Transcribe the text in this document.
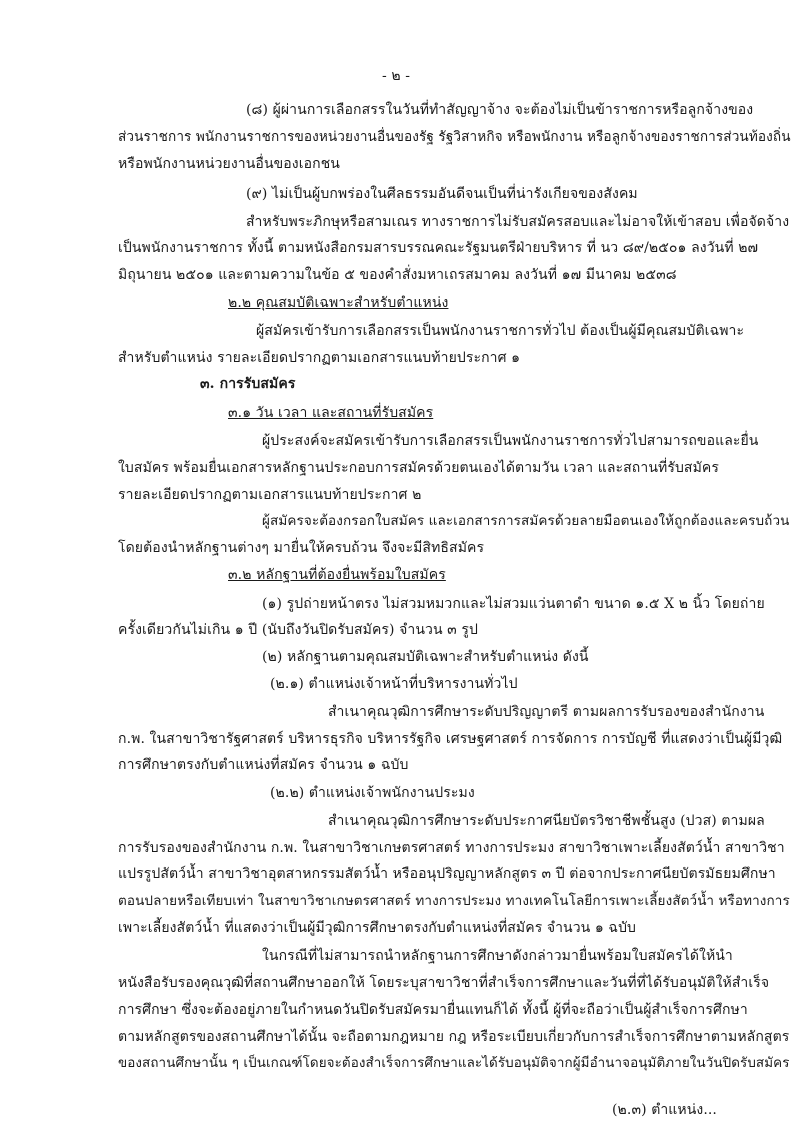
- ๒ -
(๘) ผู้ผ่านการเลือกสรรในวันที่ทำสัญญาจ้าง จะต้องไม่เป็นข้าราชการหรือลูกจ้างของ
ส่วนราชการ พนักงานราชการของหน่วยงานอื่นของรัฐ รัฐวิสาหกิจ หรือพนักงาน หรือลูกจ้างของราชการส่วนท้องถิ่น
หรือพนักงานหน่วยงานอื่นของเอกชน
(๙) ไม่เป็นผู้บกพร่องในศีลธรรมอันดีจนเป็นที่น่ารังเกียจของสังคม
สำหรับพระภิกษุหรือสามเณร ทางราชการไม่รับสมัครสอบและไม่อาจให้เข้าสอบ เพื่อจัดจ้าง
เป็นพนักงานราชการ ทั้งนี้ ตามหนังสือกรมสารบรรณคณะรัฐมนตรีฝ่ายบริหาร ที่ นว ๘๙/๒๕๐๑ ลงวันที่ ๒๗
มิถุนายน ๒๕๐๑ และตามความในข้อ ๕ ของคำสั่งมหาเถรสมาคม ลงวันที่ ๑๗ มีนาคม ๒๕๓๘
๒.๒ คุณสมบัติเฉพาะสำหรับตำแหน่ง
ผู้สมัครเข้ารับการเลือกสรรเป็นพนักงานราชการทั่วไป ต้องเป็นผู้มีคุณสมบัติเฉพาะ
สำหรับตำแหน่ง รายละเอียดปรากฏตามเอกสารแนบท้ายประกาศ ๑
๓. การรับสมัคร
๓.๑ วัน เวลา และสถานที่รับสมัคร
ผู้ประสงค์จะสมัครเข้ารับการเลือกสรรเป็นพนักงานราชการทั่วไปสามารถขอและยื่น
ใบสมัคร พร้อมยื่นเอกสารหลักฐานประกอบการสมัครด้วยตนเองได้ตามวัน เวลา และสถานที่รับสมัคร
รายละเอียดปรากฏตามเอกสารแนบท้ายประกาศ ๒
ผู้สมัครจะต้องกรอกใบสมัคร และเอกสารการสมัครด้วยลายมือตนเองให้ถูกต้องและครบถ้วน
โดยต้องนำหลักฐานต่างๆ มายื่นให้ครบถ้วน จึงจะมีสิทธิสมัคร
๓.๒ หลักฐานที่ต้องยื่นพร้อมใบสมัคร
(๑) รูปถ่ายหน้าตรง ไม่สวมหมวกและไม่สวมแว่นตาดำ ขนาด ๑.๕ X ๒ นิ้ว โดยถ่าย
ครั้งเดียวกันไม่เกิน ๑ ปี (นับถึงวันปิดรับสมัคร) จำนวน ๓ รูป
(๒) หลักฐานตามคุณสมบัติเฉพาะสำหรับตำแหน่ง ดังนี้
(๒.๑) ตำแหน่งเจ้าหน้าที่บริหารงานทั่วไป
สำเนาคุณวุฒิการศึกษาระดับปริญญาตรี ตามผลการรับรองของสำนักงาน
ก.พ. ในสาขาวิชารัฐศาสตร์ บริหารธุรกิจ บริหารรัฐกิจ เศรษฐศาสตร์ การจัดการ การบัญชี ที่แสดงว่าเป็นผู้มีวุฒิ
การศึกษาตรงกับตำแหน่งที่สมัคร จำนวน ๑ ฉบับ
(๒.๒) ตำแหน่งเจ้าพนักงานประมง
สำเนาคุณวุฒิการศึกษาระดับประกาศนียบัตรวิชาชีพชั้นสูง (ปวส) ตามผล
การรับรองของสำนักงาน ก.พ. ในสาขาวิชาเกษตรศาสตร์ ทางการประมง สาขาวิชาเพาะเลี้ยงสัตว์น้ำ สาขาวิชา
แปรรูปสัตว์น้ำ สาขาวิชาอุตสาหกรรมสัตว์น้ำ หรืออนุปริญญาหลักสูตร ๓ ปี ต่อจากประกาศนียบัตรมัธยมศึกษา
ตอนปลายหรือเทียบเท่า ในสาขาวิชาเกษตรศาสตร์ ทางการประมง ทางเทคโนโลยีการเพาะเลี้ยงสัตว์น้ำ หรือทางการ
เพาะเลี้ยงสัตว์น้ำ ที่แสดงว่าเป็นผู้มีวุฒิการศึกษาตรงกับตำแหน่งที่สมัคร จำนวน ๑ ฉบับ
ในกรณีที่ไม่สามารถนำหลักฐานการศึกษาดังกล่าวมายื่นพร้อมใบสมัครได้ให้นำ
หนังสือรับรองคุณวุฒิที่สถานศึกษาออกให้ โดยระบุสาขาวิชาที่สำเร็จการศึกษาและวันที่ที่ได้รับอนุมัติให้สำเร็จ
การศึกษา ซึ่งจะต้องอยู่ภายในกำหนดวันปิดรับสมัครมายื่นแทนก็ได้ ทั้งนี้ ผู้ที่จะถือว่าเป็นผู้สำเร็จการศึกษา
ตามหลักสูตรของสถานศึกษาได้นั้น จะถือตามกฎหมาย กฎ หรือระเบียบเกี่ยวกับการสำเร็จการศึกษาตามหลักสูตร
ของสถานศึกษานั้น ๆ เป็นเกณฑ์โดยจะต้องสำเร็จการศึกษาและได้รับอนุมัติจากผู้มีอำนาจอนุมัติภายในวันปิดรับสมัคร
(๒.๓) ตำแหน่ง...
